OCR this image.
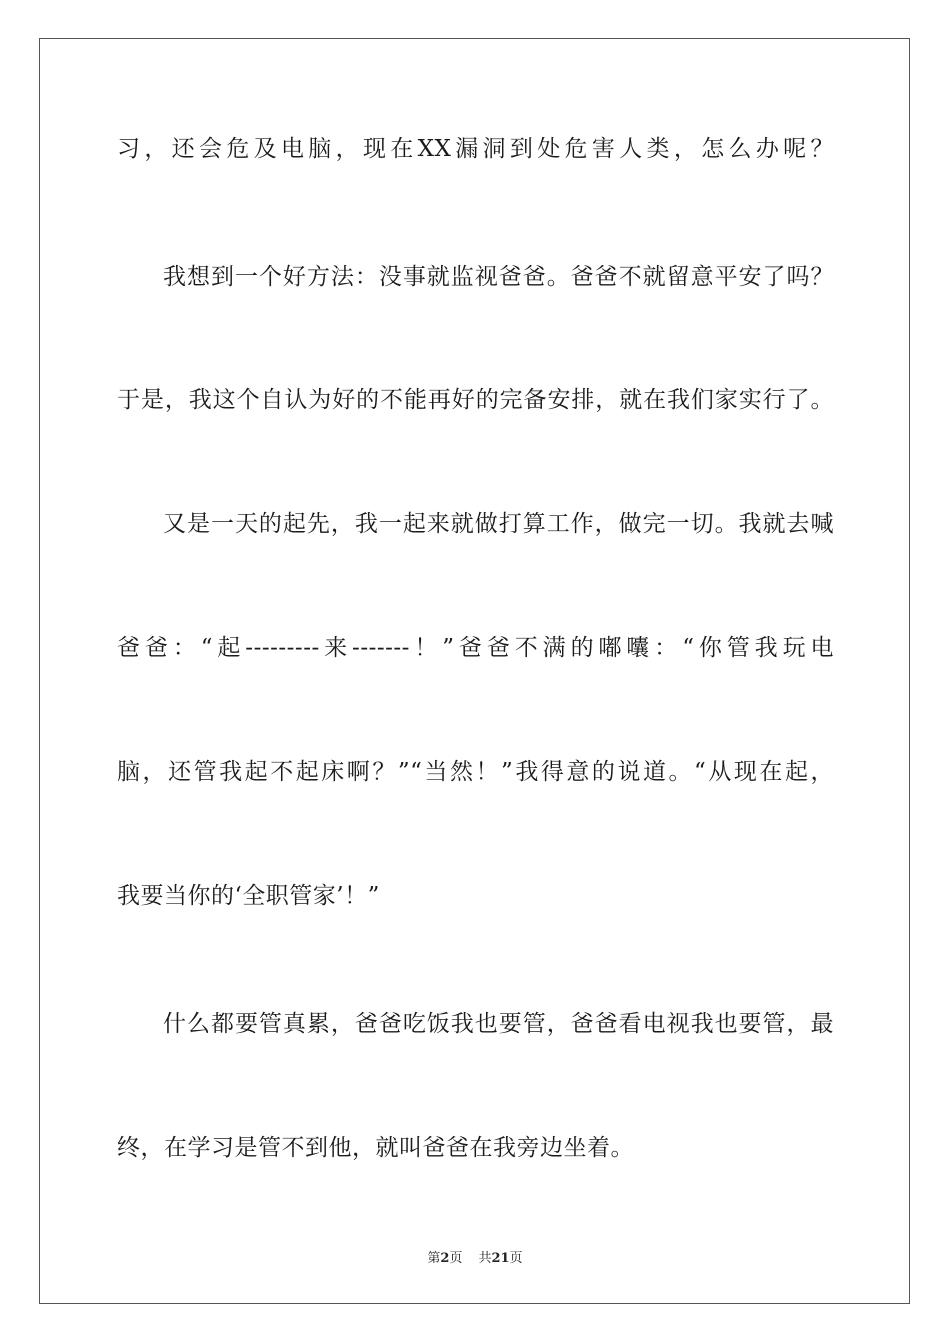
习，还会危及电脑，现在XX漏洞到处危害人类，怎么办呢？
我想到一个好方法：没事就监视爸爸。爸爸不就留意平安了吗？
于是，我这个自认为好的不能再好的完备安排，就在我们家实行了。
又是一天的起先，我一起来就做打算工作，做完一切。我就去喊
爸爸：“起---------来-------！”爸爸不满的嘟囔：“你管我玩电
脑，还管我起不起床啊？”“当然！”我得意的说道。“从现在起，
我要当你的‘全职管家’！”
什么都要管真累，爸爸吃饭我也要管，爸爸看电视我也要管，最
终，在学习是管不到他，就叫爸爸在我旁边坐着。
第2页 共21页
